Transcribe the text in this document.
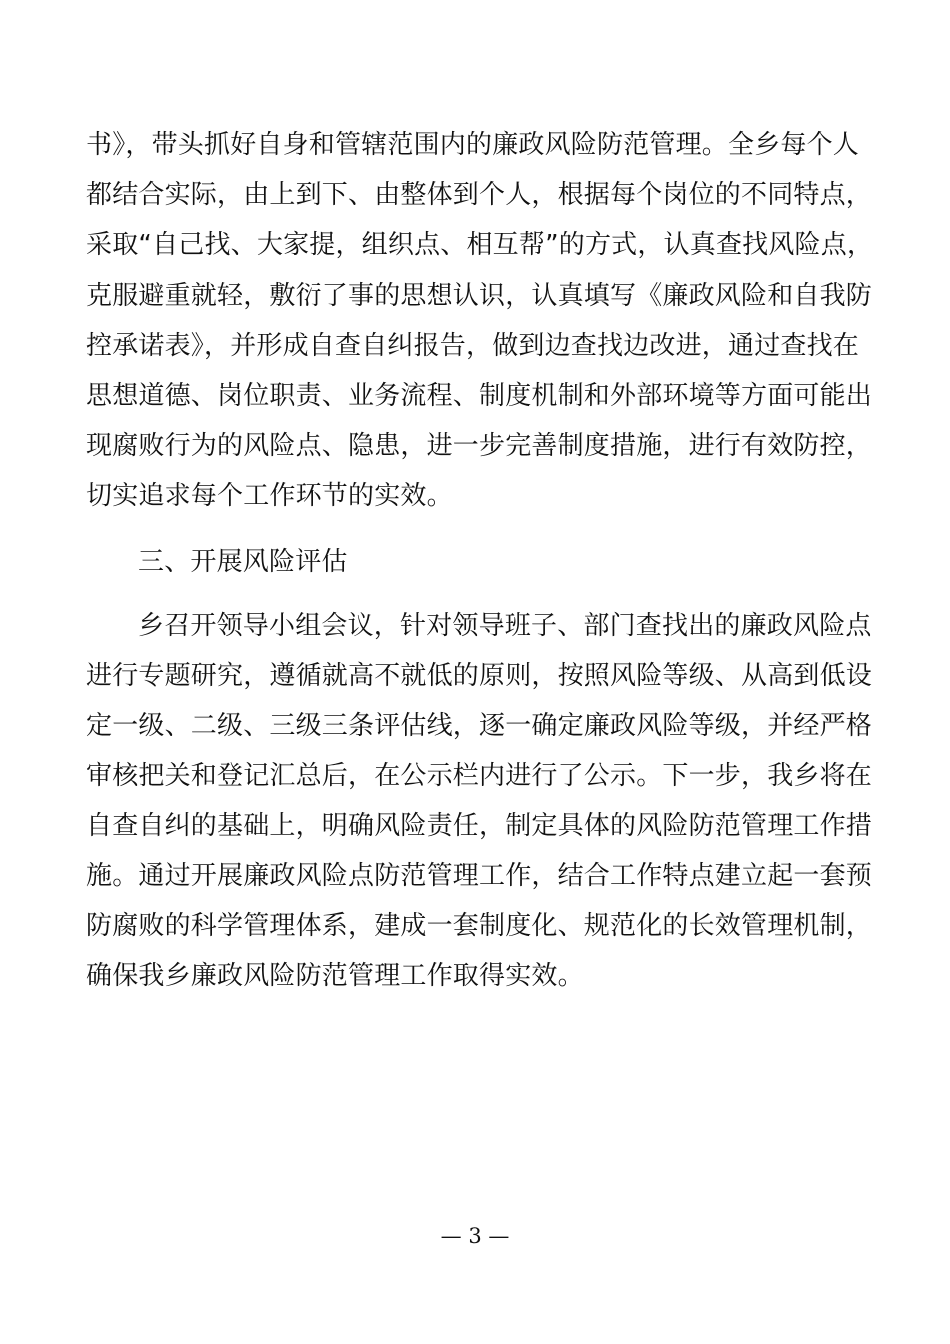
书》，带头抓好自身和管辖范围内的廉政风险防范管理。全乡每个人
都结合实际，由上到下、由整体到个人，根据每个岗位的不同特点，
采取“自己找、大家提，组织点、相互帮”的方式，认真查找风险点，
克服避重就轻，敷衍了事的思想认识，认真填写《廉政风险和自我防
控承诺表》，并形成自查自纠报告，做到边查找边改进，通过查找在
思想道德、岗位职责、业务流程、制度机制和外部环境等方面可能出
现腐败行为的风险点、隐患，进一步完善制度措施，进行有效防控，
切实追求每个工作环节的实效。
三、开展风险评估
乡召开领导小组会议，针对领导班子、部门查找出的廉政风险点
进行专题研究，遵循就高不就低的原则，按照风险等级、从高到低设
定一级、二级、三级三条评估线，逐一确定廉政风险等级，并经严格
审核把关和登记汇总后，在公示栏内进行了公示。下一步，我乡将在
自查自纠的基础上，明确风险责任，制定具体的风险防范管理工作措
施。通过开展廉政风险点防范管理工作，结合工作特点建立起一套预
防腐败的科学管理体系，建成一套制度化、规范化的长效管理机制，
确保我乡廉政风险防范管理工作取得实效。
— 3 —
